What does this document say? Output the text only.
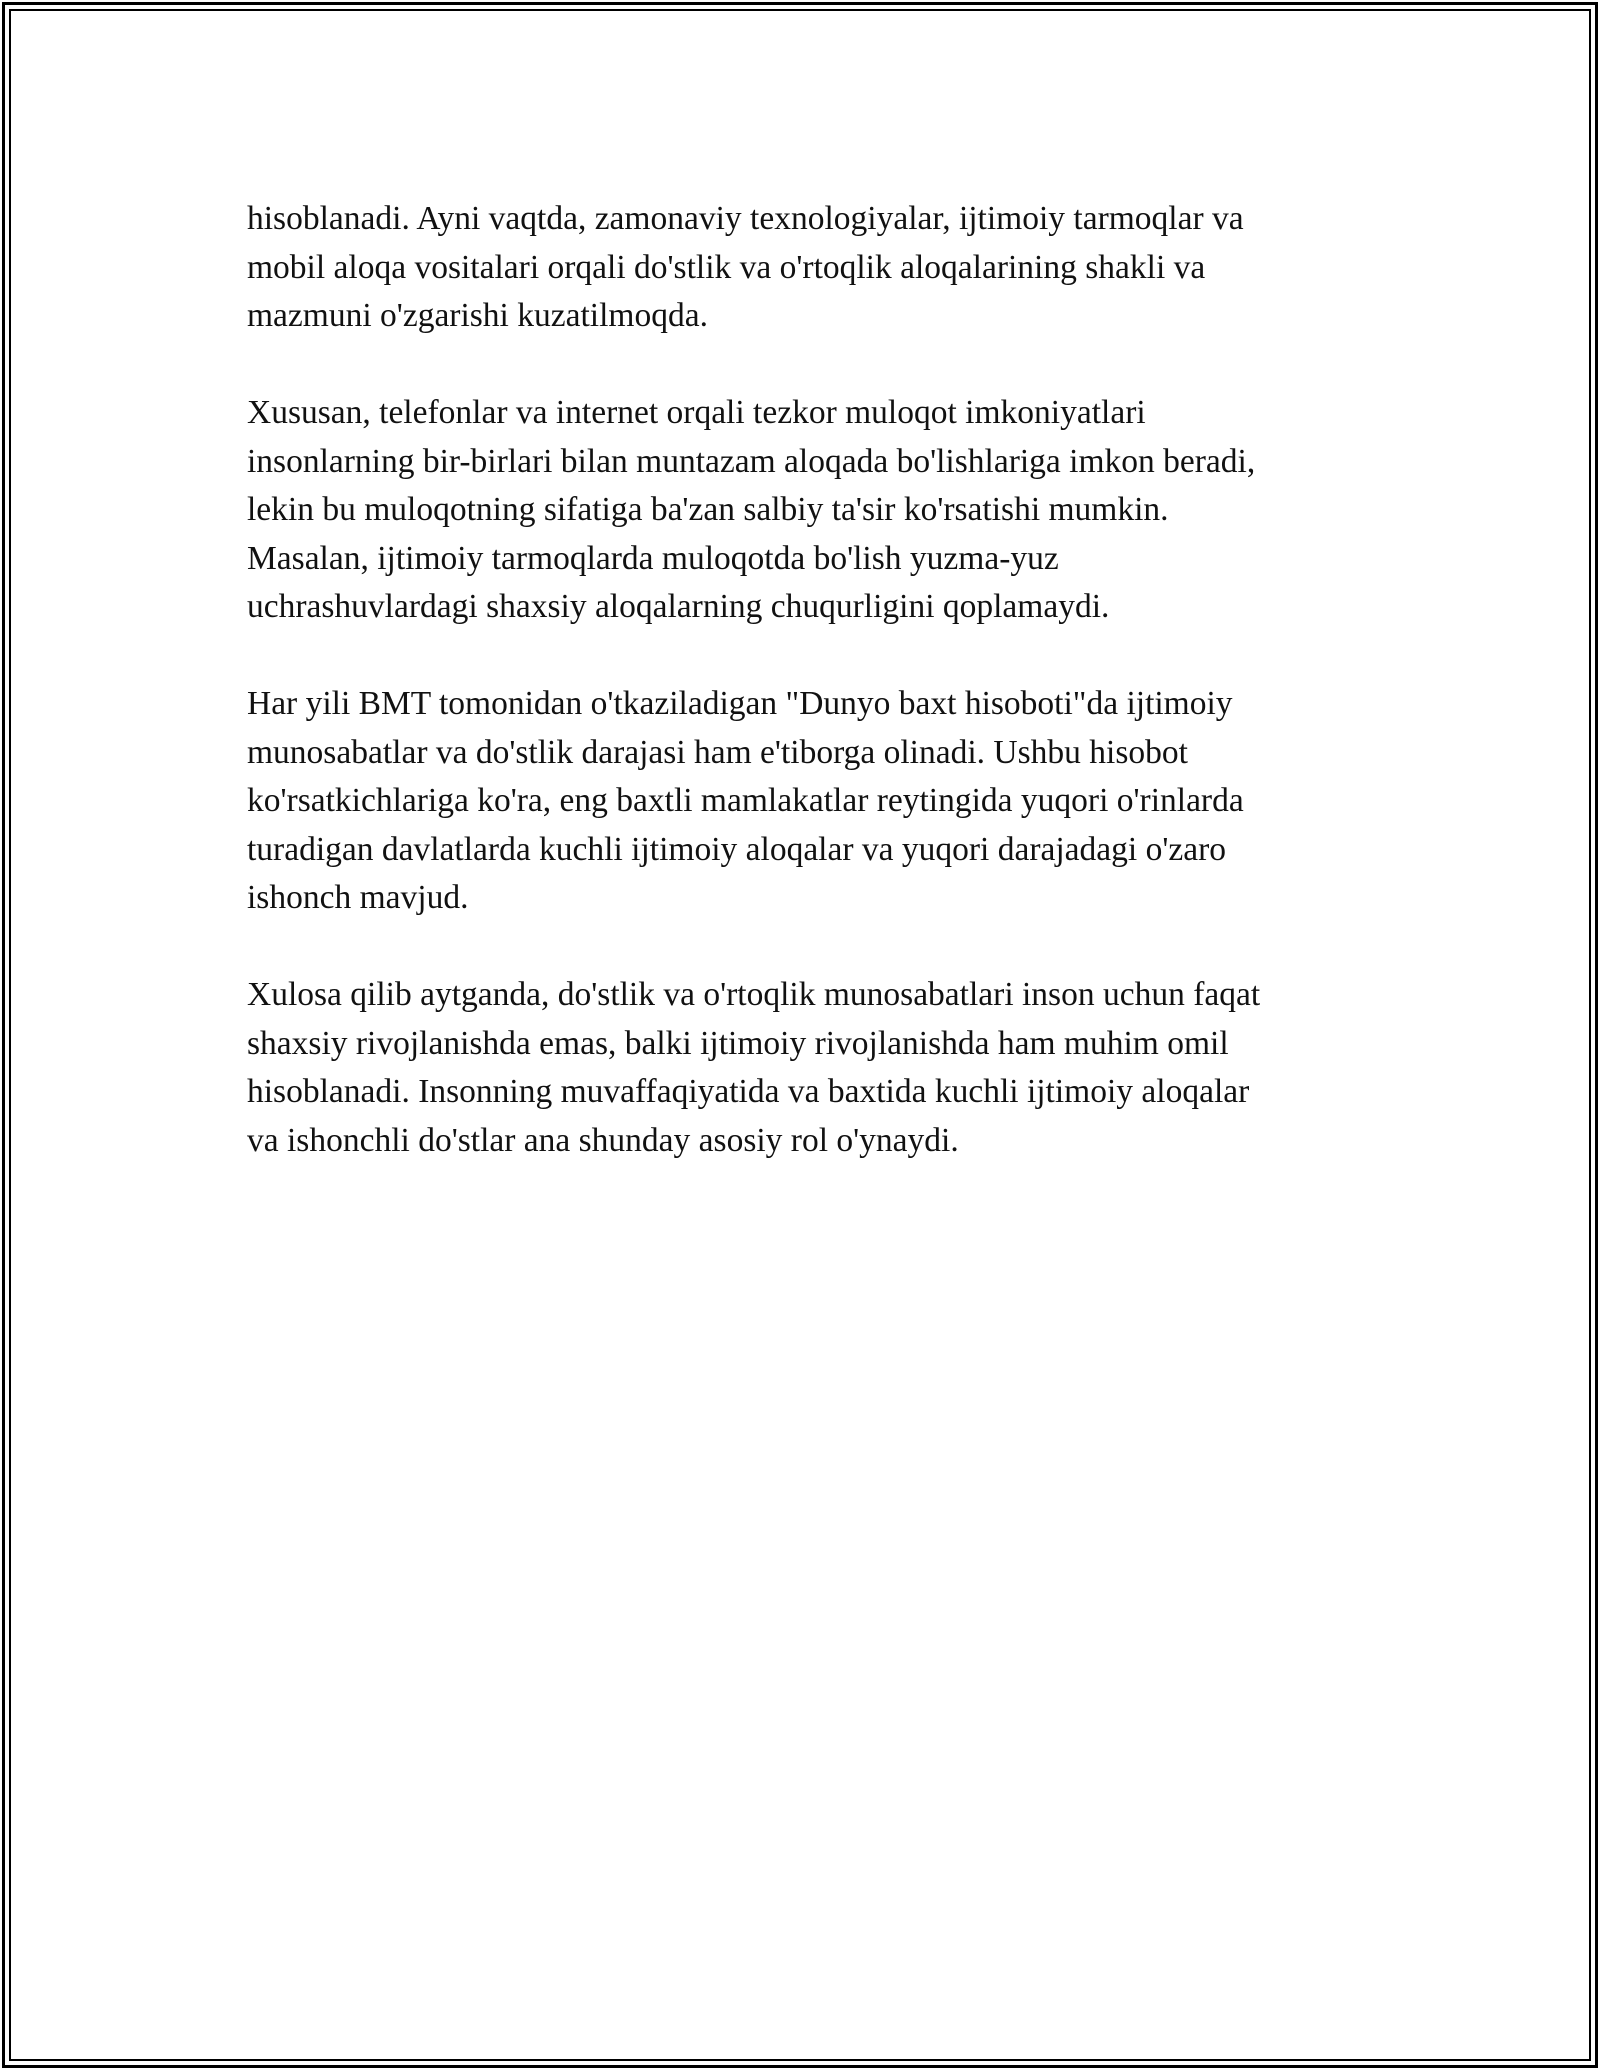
hisoblanadi. Ayni vaqtda, zamonaviy texnologiyalar, ijtimoiy tarmoqlar va
mobil aloqa vositalari orqali do'stlik va o'rtoqlik aloqalarining shakli va
mazmuni o'zgarishi kuzatilmoqda.

Xususan, telefonlar va internet orqali tezkor muloqot imkoniyatlari
insonlarning bir-birlari bilan muntazam aloqada bo'lishlariga imkon beradi,
lekin bu muloqotning sifatiga ba'zan salbiy ta'sir ko'rsatishi mumkin.
Masalan, ijtimoiy tarmoqlarda muloqotda bo'lish yuzma-yuz
uchrashuvlardagi shaxsiy aloqalarning chuqurligini qoplamaydi.

Har yili BMT tomonidan o'tkaziladigan "Dunyo baxt hisoboti"da ijtimoiy
munosabatlar va do'stlik darajasi ham e'tiborga olinadi. Ushbu hisobot
ko'rsatkichlariga ko'ra, eng baxtli mamlakatlar reytingida yuqori o'rinlarda
turadigan davlatlarda kuchli ijtimoiy aloqalar va yuqori darajadagi o'zaro
ishonch mavjud.

Xulosa qilib aytganda, do'stlik va o'rtoqlik munosabatlari inson uchun faqat
shaxsiy rivojlanishda emas, balki ijtimoiy rivojlanishda ham muhim omil
hisoblanadi. Insonning muvaffaqiyatida va baxtida kuchli ijtimoiy aloqalar
va ishonchli do'stlar ana shunday asosiy rol o'ynaydi.
